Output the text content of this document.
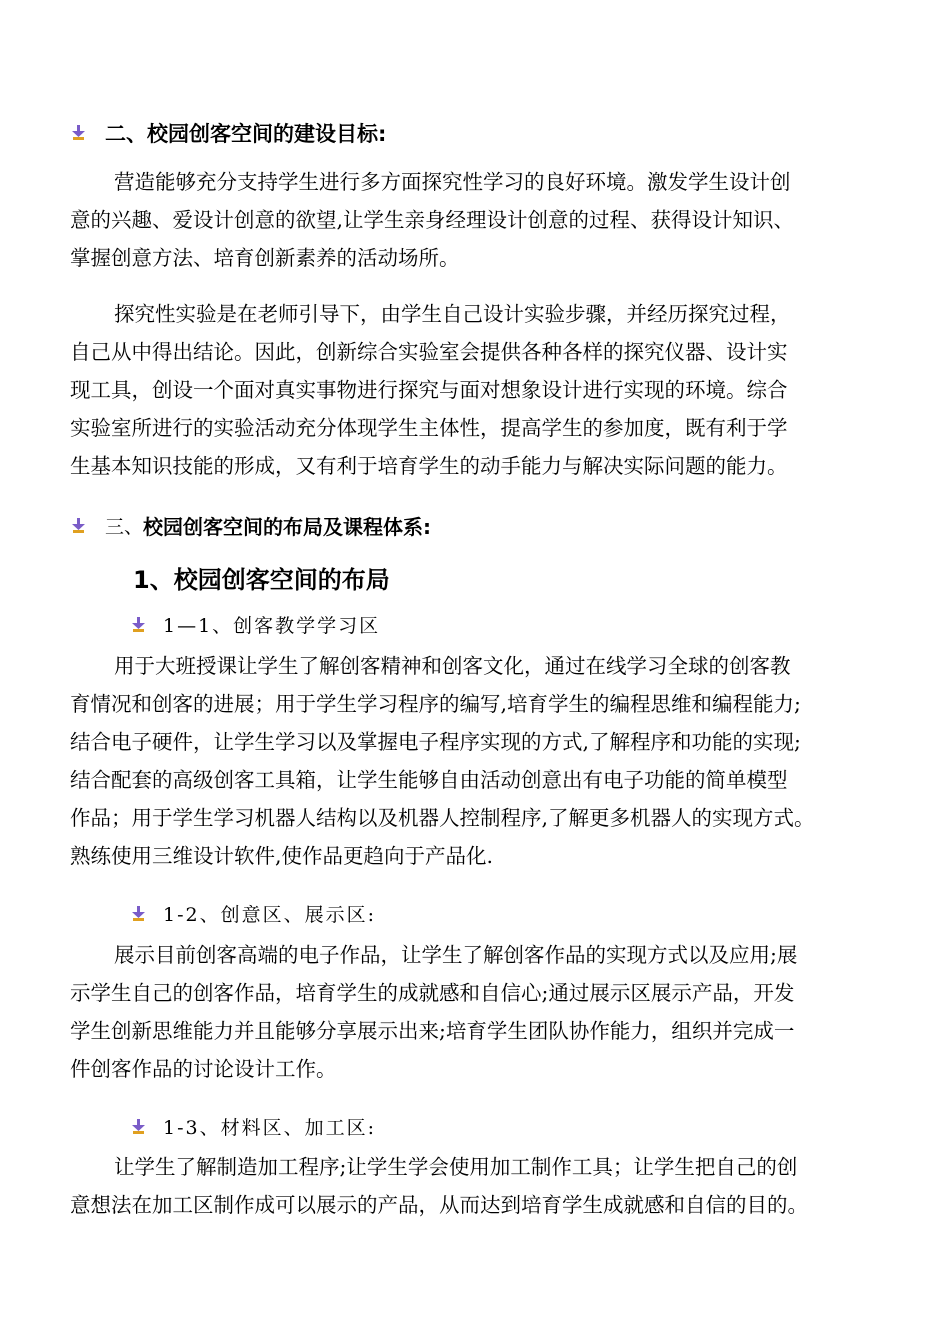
二、校园创客空间的建设目标:
营造能够充分支持学生进行多方面探究性学习的良好环境。激发学生设计创
意的兴趣、爱设计创意的欲望,让学生亲身经理设计创意的过程、获得设计知识、
掌握创意方法、培育创新素养的活动场所。
探究性实验是在老师引导下，由学生自己设计实验步骤，并经历探究过程，
自己从中得出结论。因此，创新综合实验室会提供各种各样的探究仪器、设计实
现工具，创设一个面对真实事物进行探究与面对想象设计进行实现的环境。综合
实验室所进行的实验活动充分体现学生主体性，提高学生的参加度，既有利于学
生基本知识技能的形成，又有利于培育学生的动手能力与解决实际问题的能力。
三、 校园创客空间的布局及课程体系:
1、校园创客空间的布局
1—1、创客教学学习区
用于大班授课让学生了解创客精神和创客文化，通过在线学习全球的创客教
育情况和创客的进展；用于学生学习程序的编写,培育学生的编程思维和编程能力;
结合电子硬件，让学生学习以及掌握电子程序实现的方式,了解程序和功能的实现;
结合配套的高级创客工具箱，让学生能够自由活动创意出有电子功能的简单模型
作品；用于学生学习机器人结构以及机器人控制程序,了解更多机器人的实现方式。
熟练使用三维设计软件,使作品更趋向于产品化.
1-2、创意区、展示区:
展示目前创客高端的电子作品，让学生了解创客作品的实现方式以及应用;展
示学生自己的创客作品，培育学生的成就感和自信心;通过展示区展示产品，开发
学生创新思维能力并且能够分享展示出来;培育学生团队协作能力，组织并完成一
件创客作品的讨论设计工作。
1-3、材料区、加工区:
让学生了解制造加工程序;让学生学会使用加工制作工具；让学生把自己的创
意想法在加工区制作成可以展示的产品，从而达到培育学生成就感和自信的目的。
